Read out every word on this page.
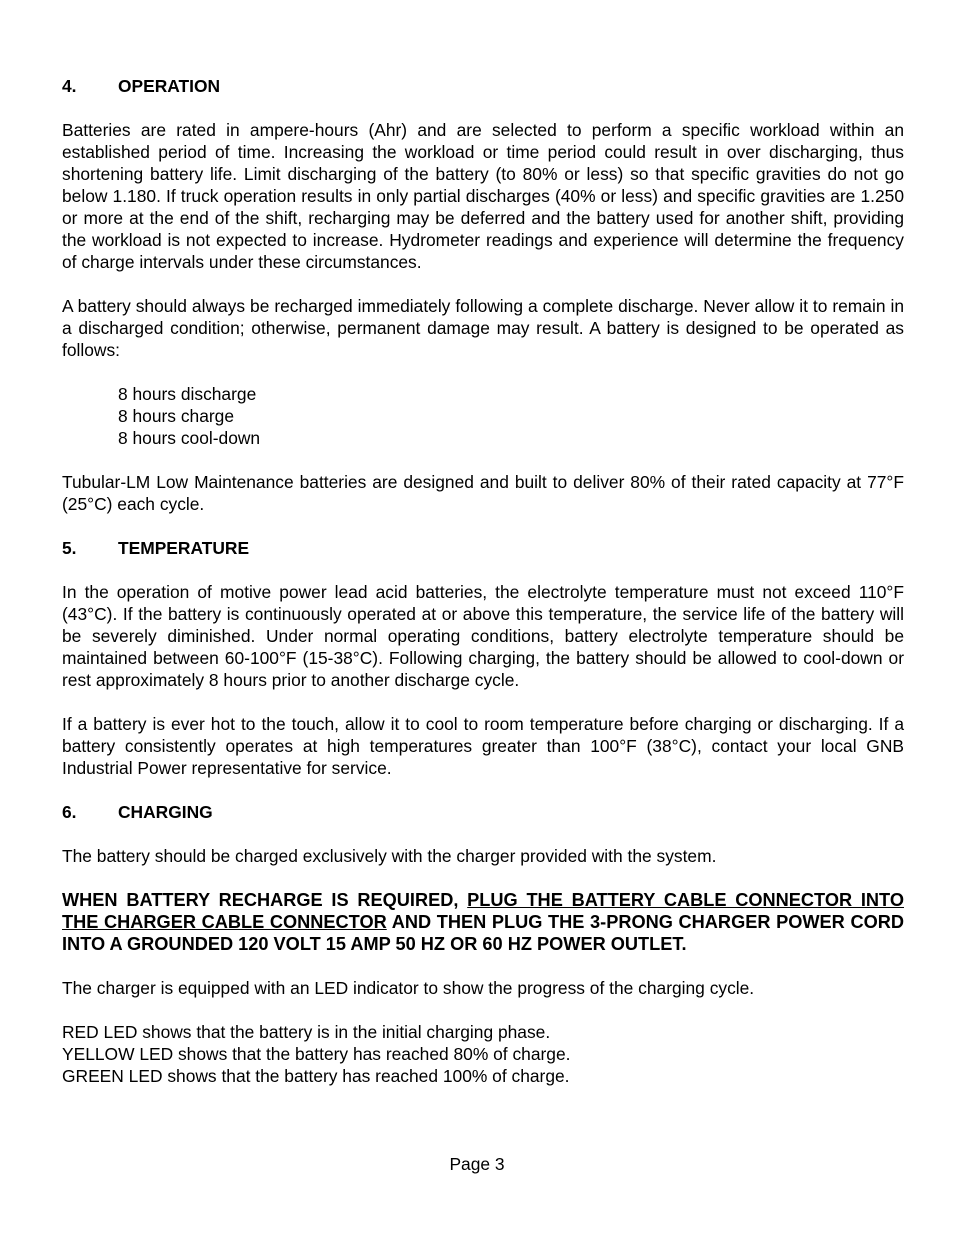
4.	OPERATION

Batteries are rated in ampere-hours (Ahr) and are selected to perform a specific workload within an established period of time. Increasing the workload or time period could result in over discharging, thus shortening battery life. Limit discharging of the battery (to 80% or less) so that specific gravities do not go below 1.180. If truck operation results in only partial discharges (40% or less) and specific gravities are 1.250 or more at the end of the shift, recharging may be deferred and the battery used for another shift, providing the workload is not expected to increase. Hydrometer readings and experience will determine the frequency of charge intervals under these circumstances.

A battery should always be recharged immediately following a complete discharge. Never allow it to remain in a discharged condition; otherwise, permanent damage may result. A battery is designed to be operated as follows:

8 hours discharge
8 hours charge
8 hours cool-down

Tubular-LM Low Maintenance batteries are designed and built to deliver 80% of their rated capacity at 77°F (25°C) each cycle.

5.	TEMPERATURE

In the operation of motive power lead acid batteries, the electrolyte temperature must not exceed 110°F (43°C). If the battery is continuously operated at or above this temperature, the service life of the battery will be severely diminished. Under normal operating conditions, battery electrolyte temperature should be maintained between 60-100°F (15-38°C). Following charging, the battery should be allowed to cool-down or rest approximately 8 hours prior to another discharge cycle.

If a battery is ever hot to the touch, allow it to cool to room temperature before charging or discharging. If a battery consistently operates at high temperatures greater than 100°F (38°C), contact your local GNB Industrial Power representative for service.

6.	CHARGING

The battery should be charged exclusively with the charger provided with the system.

WHEN BATTERY RECHARGE IS REQUIRED, PLUG THE BATTERY CABLE CONNECTOR INTO THE CHARGER CABLE CONNECTOR AND THEN PLUG THE 3-PRONG CHARGER POWER CORD INTO A GROUNDED 120 VOLT 15 AMP 50 HZ OR 60 HZ POWER OUTLET.

The charger is equipped with an LED indicator to show the progress of the charging cycle.

RED LED shows that the battery is in the initial charging phase.
YELLOW LED shows that the battery has reached 80% of charge.
GREEN LED shows that the battery has reached 100% of charge.
Page 3
